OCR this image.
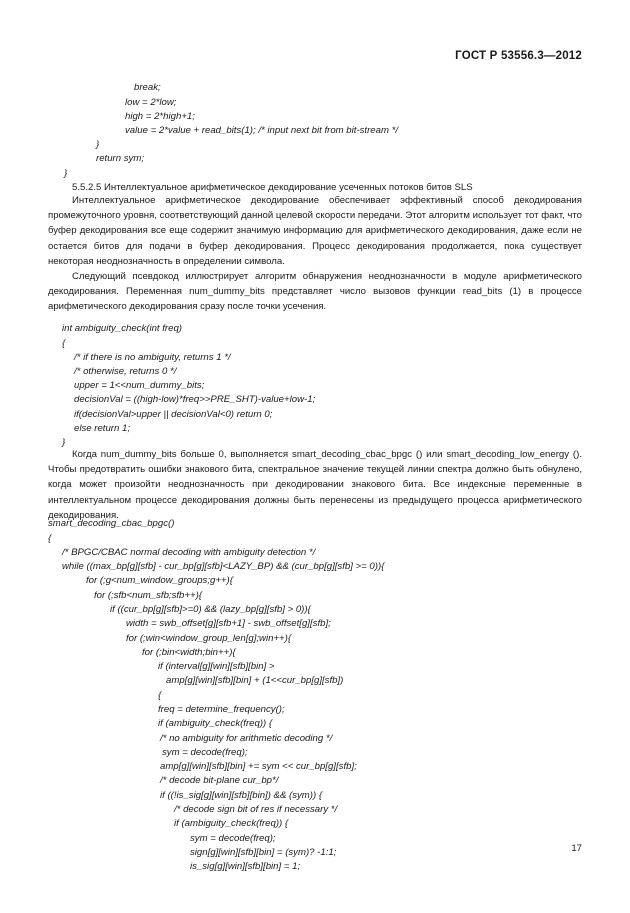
ГОСТ Р 53556.3—2012
break;
low = 2*low;
high = 2*high+1;
value = 2*value + read_bits(1); /* input next bit from bit-stream */
}
return sym;
}
5.5.2.5 Интеллектуальное арифметическое декодирование усеченных потоков битов SLS

Интеллектуальное арифметическое декодирование обеспечивает эффективный способ декодирования промежуточного уровня, соответствующий данной целевой скорости передачи. Этот алгоритм использует тот факт, что буфер декодирования все еще содержит значимую информацию для арифметического декодирования, даже если не остается битов для подачи в буфер декодирования. Процесс декодирования продолжается, пока существует некоторая неоднозначность в определении символа.

Следующий псевдокод иллюстрирует алгоритм обнаружения неоднозначности в модуле арифметического декодирования. Переменная num_dummy_bits представляет число вызовов функции read_bits (1) в процессе арифметического декодирования сразу после точки усечения.

int ambiguity_check(int freq)
{
/* if there is no ambiguity, returns 1 */
/* otherwise, returns 0 */
upper = 1<<num_dummy_bits;
decisionVal = ((high-low)*freq>>PRE_SHT)-value+low-1;
if(decisionVal>upper || decisionVal<0) return 0;
else return 1;
}

Когда num_dummy_bits больше 0, выполняется smart_decoding_cbac_bpgc () или smart_decoding_low_energy (). Чтобы предотвратить ошибки знакового бита, спектральное значение текущей линии спектра должно быть обнулено, когда может произойти неоднозначность при декодировании знакового бита. Все индексные переменные в интеллектуальном процессе декодирования должны быть перенесены из предыдущего процесса арифметического декодирования.

smart_decoding_cbac_bpgc()
{
/* BPGC/CBAC normal decoding with ambiguity detection */
while ((max_bp[g][sfb] - cur_bp[g][sfb]<LAZY_BP) && (cur_bp[g][sfb] >= 0)){
for (;g<num_window_groups;g++){
for (;sfb<num_sfb;sfb++){
if ((cur_bp[g][sfb]>=0) && (lazy_bp[g][sfb] > 0)){
width = swb_offset[g][sfb+1] - swb_offset[g][sfb];
for (;win<window_group_len[g];win++){
for (;bin<width;bin++){
if (interval[g][win][sfb][bin] >
amp[g][win][sfb][bin] + (1<<cur_bp[g][sfb])
{
freq = determine_frequency();
if (ambiguity_check(freq)) {
/* no ambiguity for arithmetic decoding */
sym = decode(freq);
amp[g][win][sfb][bin] += sym << cur_bp[g][sfb];
/* decode bit-plane cur_bp*/
if ((!is_sig[g][win][sfb][bin]) && (sym)) {
/* decode sign bit of res if necessary */
if (ambiguity_check(freq)) {
sym = decode(freq);
sign[g][win][sfb][bin] = (sym)? -1:1;
is_sig[g][win][sfb][bin] = 1;
17
